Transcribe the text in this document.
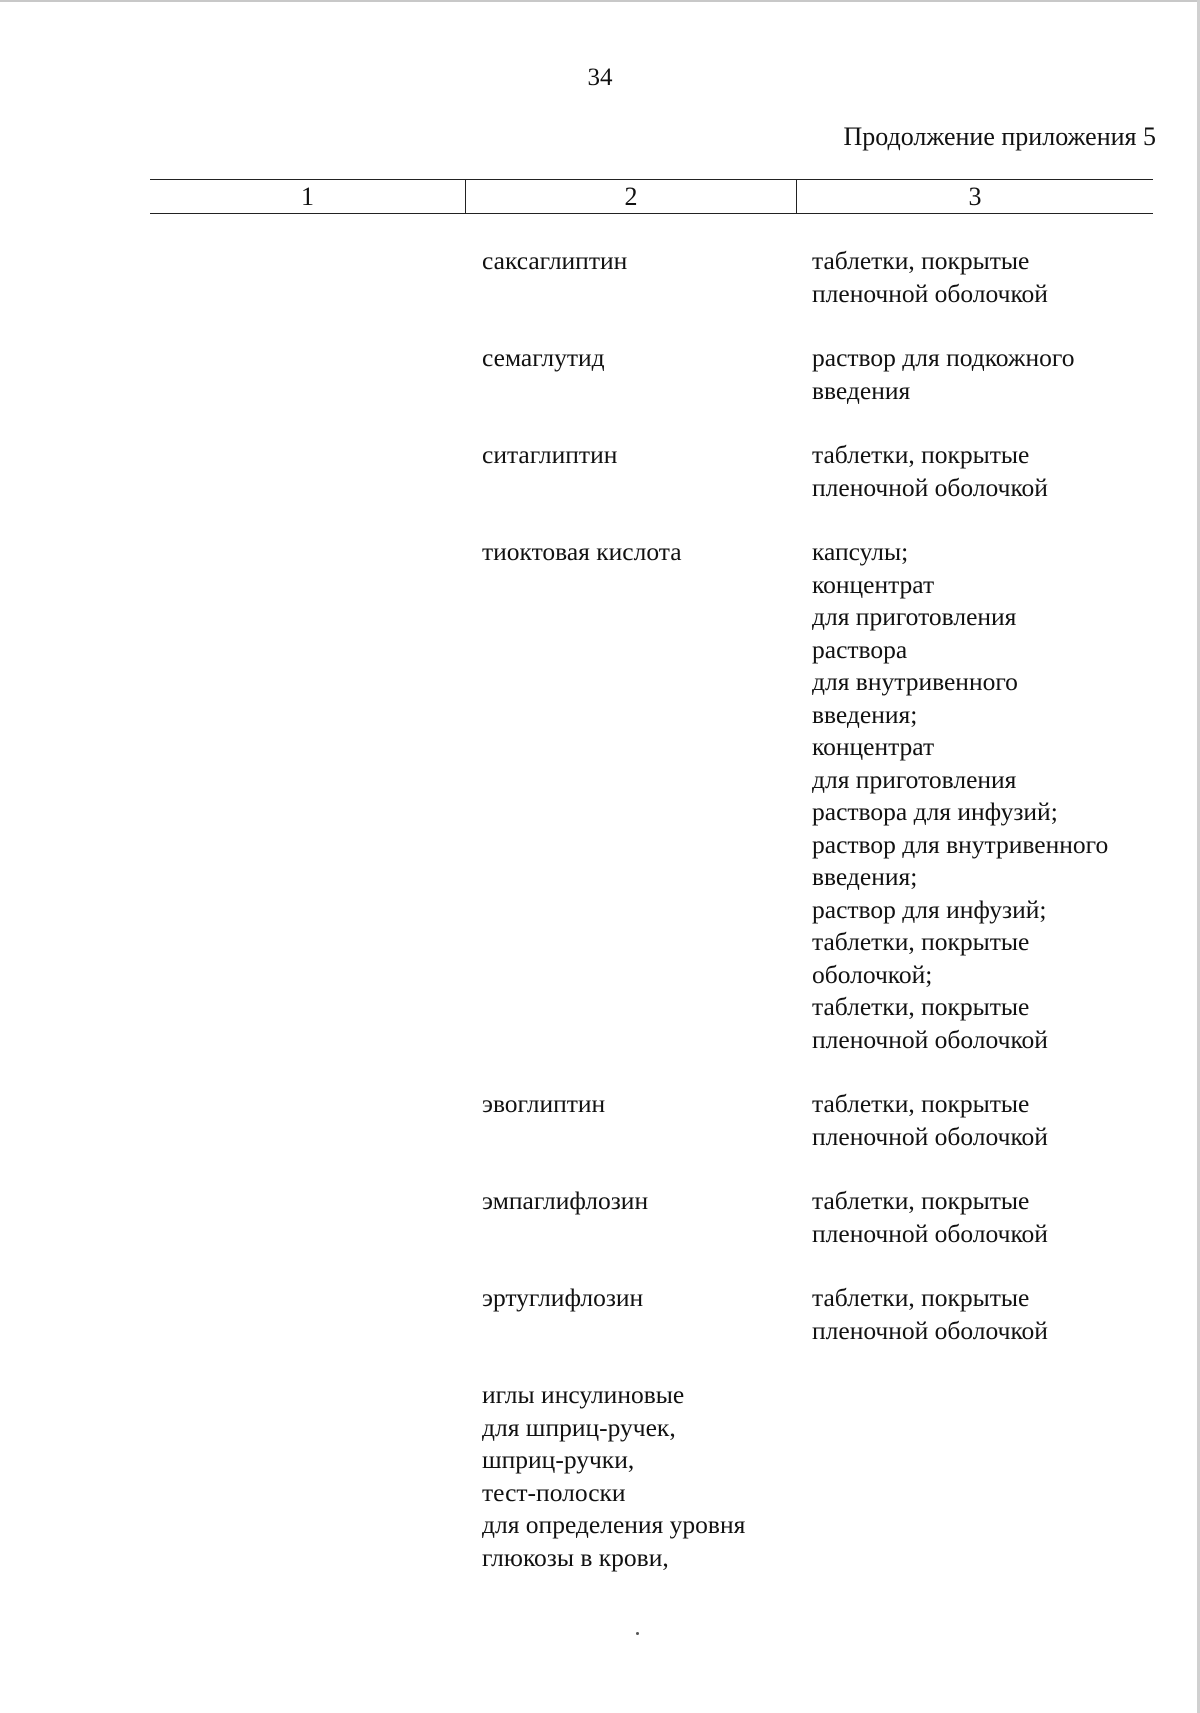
34
Продолжение приложения 5
1	2	3
саксаглиптин	таблетки, покрытые
пленочной оболочкой
семаглутид	раствор для подкожного
введения
ситаглиптин	таблетки, покрытые
пленочной оболочкой
тиоктовая кислота	капсулы;
концентрат
для приготовления
раствора
для внутривенного
введения;
концентрат
для приготовления
раствора для инфузий;
раствор для внутривенного
введения;
раствор для инфузий;
таблетки, покрытые
оболочкой;
таблетки, покрытые
пленочной оболочкой
эвоглиптин	таблетки, покрытые
пленочной оболочкой
эмпаглифлозин	таблетки, покрытые
пленочной оболочкой
эртуглифлозин	таблетки, покрытые
пленочной оболочкой
иглы инсулиновые
для шприц-ручек,
шприц-ручки,
тест-полоски
для определения уровня
глюкозы в крови,
